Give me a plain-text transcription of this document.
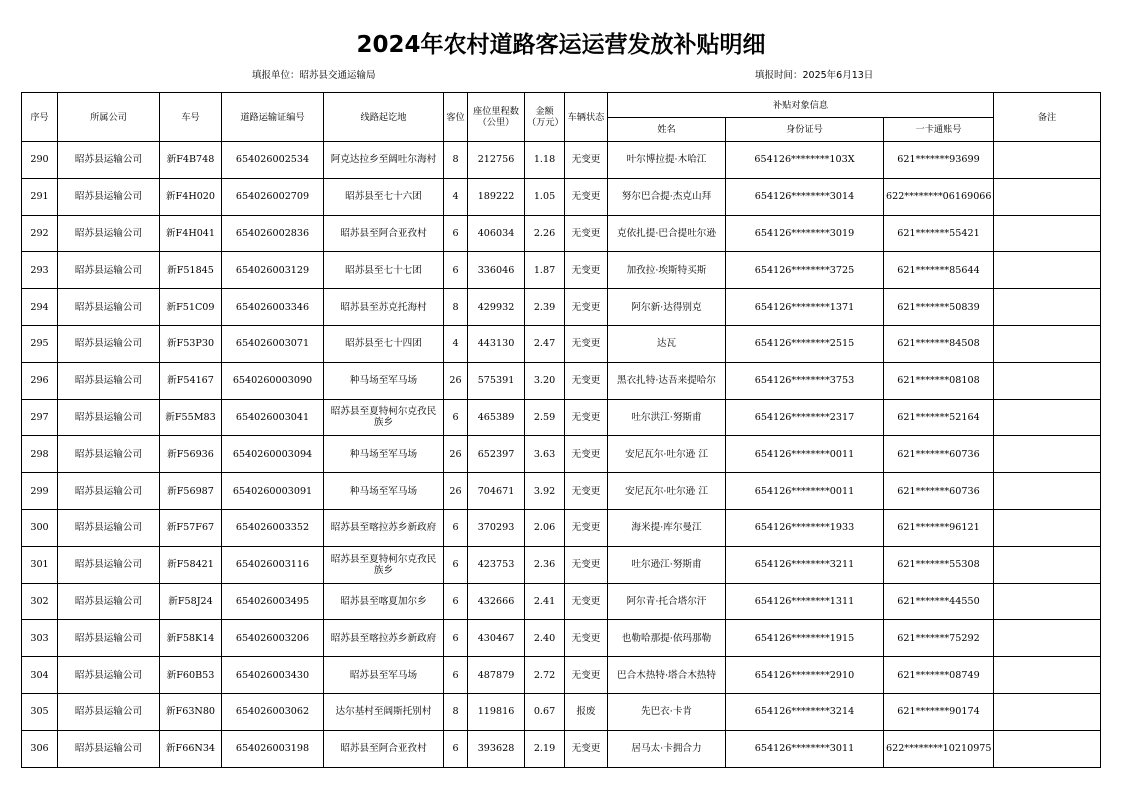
2024年农村道路客运运营发放补贴明细
填报单位：昭苏县交通运输局	填报时间：2025年6月13日
序号	所属公司	车号	道路运输证编号	线路起讫地	客位	座位里程数（公里）	金额（万元）	车辆状态	补贴对象信息			备注
									姓名	身份证号	一卡通账号	
290	昭苏县运输公司	新F4B748	654026002534	阿克达拉乡至阔吐尔海村	8	212756	1.18	无变更	叶尔博拉提·木哈江	654126********103X	621*******93699	
291	昭苏县运输公司	新F4H020	654026002709	昭苏县至七十六团	4	189222	1.05	无变更	努尔巴合提·杰克山拜	654126********3014	622********06169066	
292	昭苏县运输公司	新F4H041	654026002836	昭苏县至阿合亚孜村	6	406034	2.26	无变更	克依扎提·巴合提吐尔逊	654126********3019	621*******55421	
293	昭苏县运输公司	新F51845	654026003129	昭苏县至七十七团	6	336046	1.87	无变更	加孜拉·埃斯特买斯	654126********3725	621*******85644	
294	昭苏县运输公司	新F51C09	654026003346	昭苏县至苏克托海村	8	429932	2.39	无变更	阿尔新·达得别克	654126********1371	621*******50839	
295	昭苏县运输公司	新F53P30	654026003071	昭苏县至七十四团	4	443130	2.47	无变更	达瓦	654126********2515	621*******84508	
296	昭苏县运输公司	新F54167	6540260003090	种马场至军马场	26	575391	3.20	无变更	黑衣扎特·达吾来提哈尔	654126********3753	621*******08108	
297	昭苏县运输公司	新F55M83	654026003041	昭苏县至夏特柯尔克孜民族乡	6	465389	2.59	无变更	吐尔洪江·努斯甫	654126********2317	621*******52164	
298	昭苏县运输公司	新F56936	6540260003094	种马场至军马场	26	652397	3.63	无变更	安尼瓦尔·吐尔逊 江	654126********0011	621*******60736	
299	昭苏县运输公司	新F56987	6540260003091	种马场至军马场	26	704671	3.92	无变更	安尼瓦尔·吐尔逊 江	654126********0011	621*******60736	
300	昭苏县运输公司	新F57F67	654026003352	昭苏县至喀拉苏乡新政府	6	370293	2.06	无变更	海米提·库尔曼江	654126********1933	621*******96121	
301	昭苏县运输公司	新F58421	654026003116	昭苏县至夏特柯尔克孜民族乡	6	423753	2.36	无变更	吐尔逊江·努斯甫	654126********3211	621*******55308	
302	昭苏县运输公司	新F58J24	654026003495	昭苏县至喀夏加尔乡	6	432666	2.41	无变更	阿尔青·托合塔尔汗	654126********1311	621*******44550	
303	昭苏县运输公司	新F58K14	654026003206	昭苏县至喀拉苏乡新政府	6	430467	2.40	无变更	也勒哈那提·依玛那勒	654126********1915	621*******75292	
304	昭苏县运输公司	新F60B53	654026003430	昭苏县至军马场	6	487879	2.72	无变更	巴合木热特·塔合木热特	654126********2910	621*******08749	
305	昭苏县运输公司	新F63N80	654026003062	达尔基村至阔斯托别村	8	119816	0.67	报废	先巴衣·卡肯	654126********3214	621*******90174	
306	昭苏县运输公司	新F66N34	654026003198	昭苏县至阿合亚孜村	6	393628	2.19	无变更	居马太·卡拥合力	654126********3011	622********10210975	
